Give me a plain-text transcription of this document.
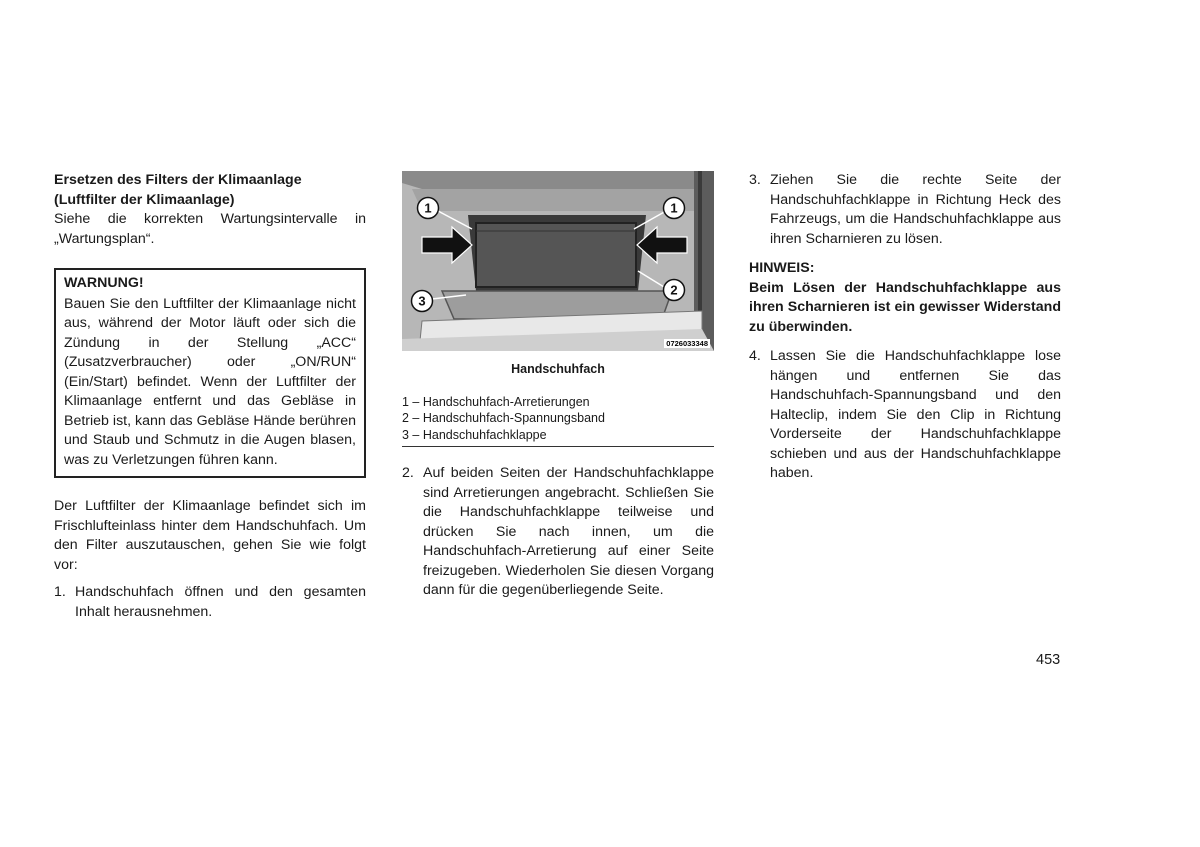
Ersetzen des Filters der Klimaanlage

(Luftfilter der Klimaanlage)

Siehe die korrekten Wartungsintervalle in „Wartungsplan“.

WARNUNG!

Bauen Sie den Luftfilter der Klimaanlage nicht aus, während der Motor läuft oder sich die Zündung in der Stellung „ACC“ (Zusatzverbraucher) oder „ON/RUN“ (Ein/Start) befindet. Wenn der Luftfilter der Klimaanlage entfernt und das Gebläse in Betrieb ist, kann das Gebläse Hände berühren und Staub und Schmutz in die Augen blasen, was zu Verletzungen führen kann.

Der Luftfilter der Klimaanlage befindet sich im Frischlufteinlass hinter dem Handschuhfach. Um den Filter auszutauschen, gehen Sie wie folgt vor:

1. Handschuhfach öffnen und den gesamten Inhalt herausnehmen.
1	1
2
3
0726033348
Handschuhfach
1 – Handschuhfach-Arretierungen
2 – Handschuhfach-Spannungsband
3 – Handschuhfachklappe
2. Auf beiden Seiten der Handschuhfachklappe sind Arretierungen angebracht. Schließen Sie die Handschuhfachklappe teilweise und drücken Sie nach innen, um die Handschuhfach-Arretierung auf einer Seite freizugeben. Wiederholen Sie diesen Vorgang dann für die gegenüberliegende Seite.
3. Ziehen Sie die rechte Seite der Handschuhfachklappe in Richtung Heck des Fahrzeugs, um die Handschuhfachklappe aus ihren Scharnieren zu lösen.
HINWEIS:

Beim Lösen der Handschuhfachklappe aus ihren Scharnieren ist ein gewisser Widerstand zu überwinden.

4. Lassen Sie die Handschuhfachklappe lose hängen und entfernen Sie das Handschuhfach-Spannungsband und den Halteclip, indem Sie den Clip in Richtung Vorderseite der Handschuhfachklappe schieben und aus der Handschuhfachklappe haben.
453
